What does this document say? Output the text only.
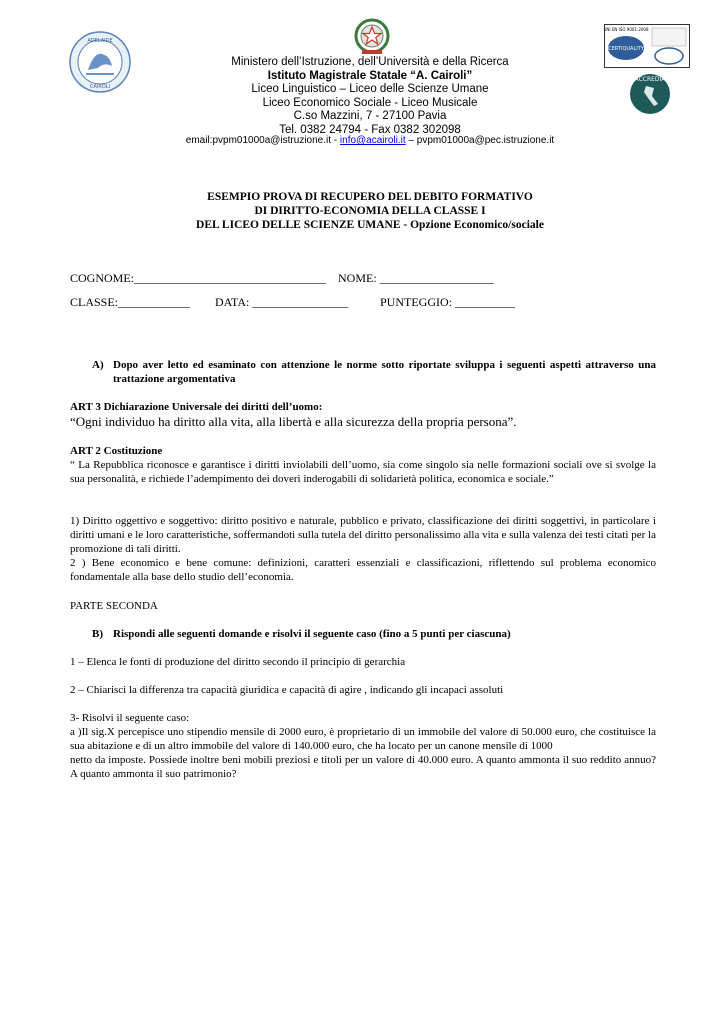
ADELAIDE
CAIROLI
UNI EN ISO 9001:2008
CERTIQUALITY
ACCREDIA
Ministero dell’Istruzione, dell’Università e della Ricerca
Istituto Magistrale Statale “A. Cairoli”
Liceo Linguistico – Liceo delle Scienze Umane
Liceo Economico Sociale - Liceo Musicale
C.so Mazzini, 7 - 27100 Pavia
Tel. 0382 24794 - Fax 0382 302098
email:pvpm01000a@istruzione.it - info@acairoli.it – pvpm01000a@pec.istruzione.it
ESEMPIO PROVA DI RECUPERO DEL DEBITO FORMATIVO
DI DIRITTO-ECONOMIA DELLA CLASSE I
DEL LICEO DELLE SCIENZE UMANE - Opzione Economico/sociale
COGNOME:________________________________ NOME: ___________________
CLASSE:____________ DATA: ________________	PUNTEGGIO: __________
A) Dopo aver letto ed esaminato con attenzione le norme sotto riportate sviluppa i seguenti aspetti attraverso una trattazione argomentativa
ART 3 Dichiarazione Universale dei diritti dell’uomo:
“Ogni individuo ha diritto alla vita, alla libertà e alla sicurezza della propria persona”.
ART 2 Costituzione
“ La Repubblica riconosce e garantisce i diritti inviolabili dell’uomo, sia come singolo sia nelle formazioni sociali ove si svolge la sua personalità, e richiede l’adempimento dei doveri inderogabili di solidarietà politica, economica e sociale.”
1) Diritto oggettivo e soggettivo: diritto positivo e naturale, pubblico e privato, classificazione dei diritti soggettivi, in particolare i diritti umani e le loro caratteristiche, soffermandoti sulla tutela del diritto personalissimo alla vita e sulla valenza dei testi citati per la promozione di tali diritti.
2 ) Bene economico e bene comune: definizioni, caratteri essenziali e classificazioni, riflettendo sul problema economico fondamentale alla base dello studio dell’economia.
PARTE SECONDA
B) Rispondi alle seguenti domande e risolvi il seguente caso (fino a 5 punti per ciascuna)
1 – Elenca le fonti di produzione del diritto secondo il principio di gerarchia
2 – Chiarisci la differenza tra capacità giuridica e capacità di agire , indicando gli incapaci assoluti
3- Risolvi il seguente caso:
a )Il sig.X percepisce uno stipendio mensile di 2000 euro, è proprietario di un immobile del valore di 50.000 euro, che costituisce la sua abitazione e di un altro immobile del valore di 140.000 euro, che ha locato per un canone mensile di 1000
netto da imposte. Possiede inoltre beni mobili preziosi e titoli per un valore di 40.000 euro. A quanto ammonta il suo reddito annuo? A quanto ammonta il suo patrimonio?
